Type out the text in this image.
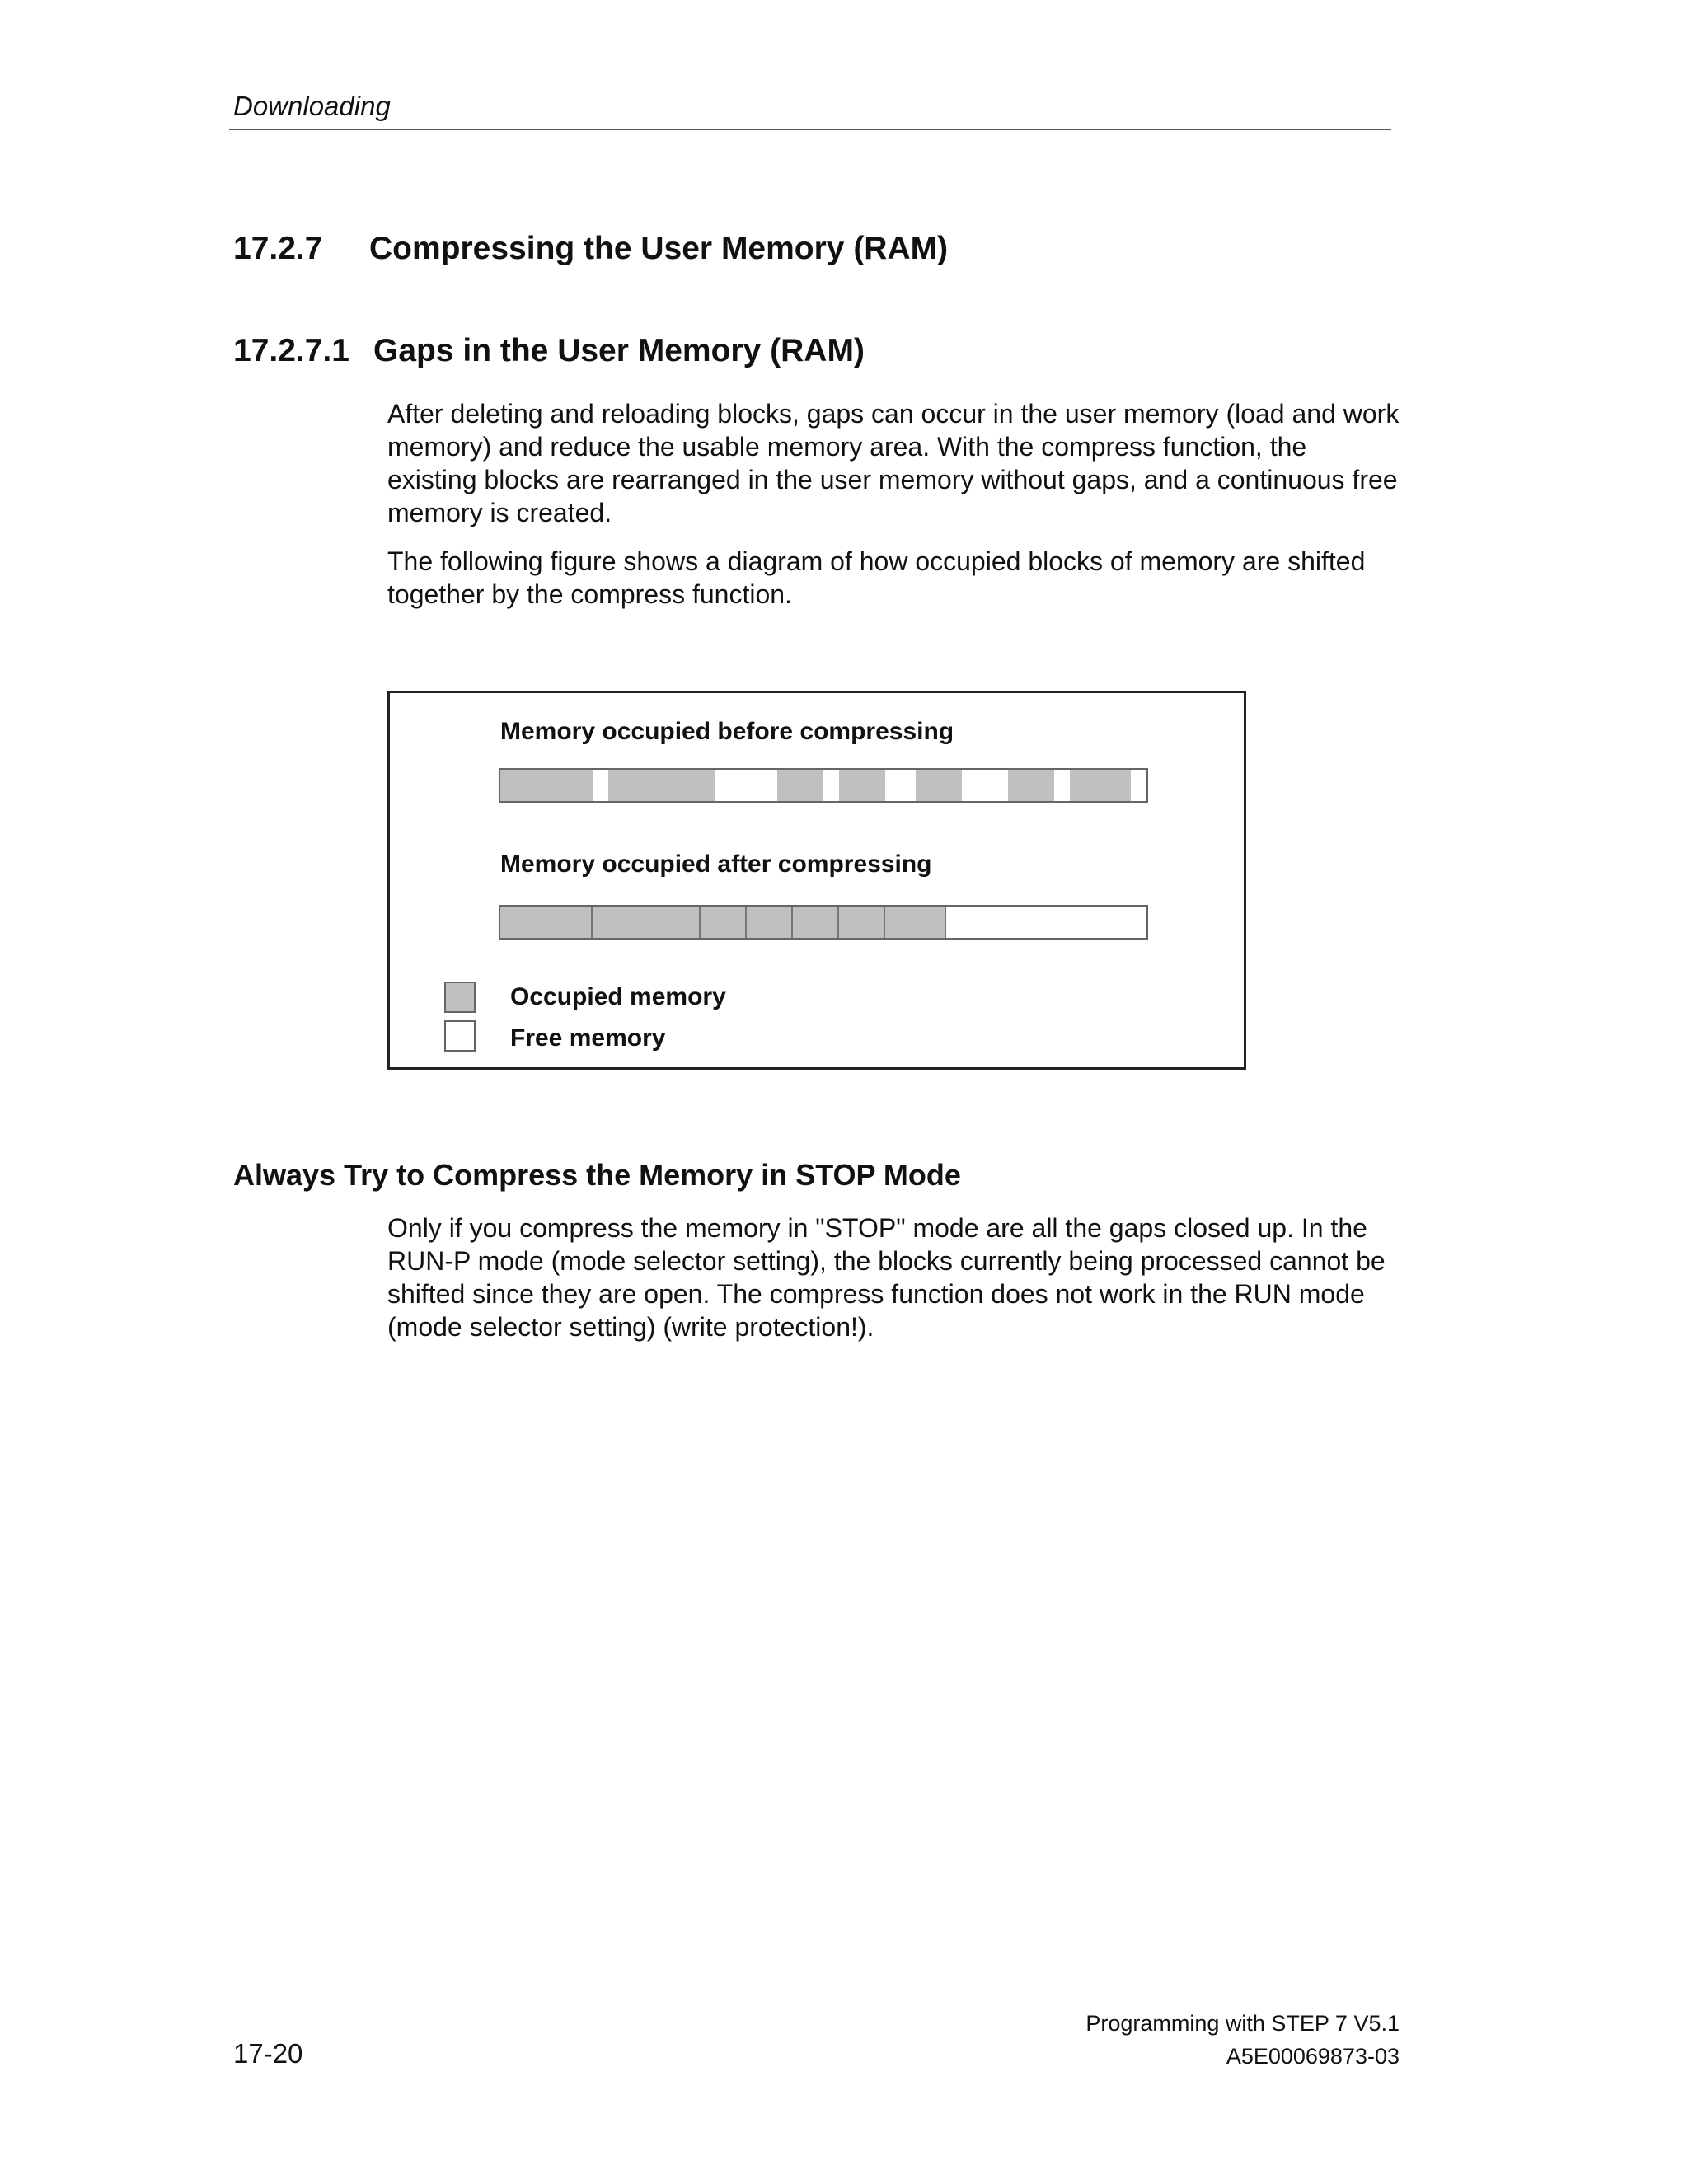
Downloading
17.2.7 Compressing the User Memory (RAM)
17.2.7.1 Gaps in the User Memory (RAM)
After deleting and reloading blocks, gaps can occur in the user memory (load and work memory) and reduce the usable memory area. With the compress function, the existing blocks are rearranged in the user memory without gaps, and a continuous free memory is created.
The following figure shows a diagram of how occupied blocks of memory are shifted together by the compress function.
Memory occupied before compressing
Memory occupied after compressing
Occupied memory
Free memory
Always Try to Compress the Memory in STOP Mode
Only if you compress the memory in "STOP" mode are all the gaps closed up. In the RUN-P mode (mode selector setting), the blocks currently being processed cannot be shifted since they are open. The compress function does not work in the RUN mode (mode selector setting) (write protection!).
Programming with STEP 7 V5.1
17-20	A5E00069873-03
